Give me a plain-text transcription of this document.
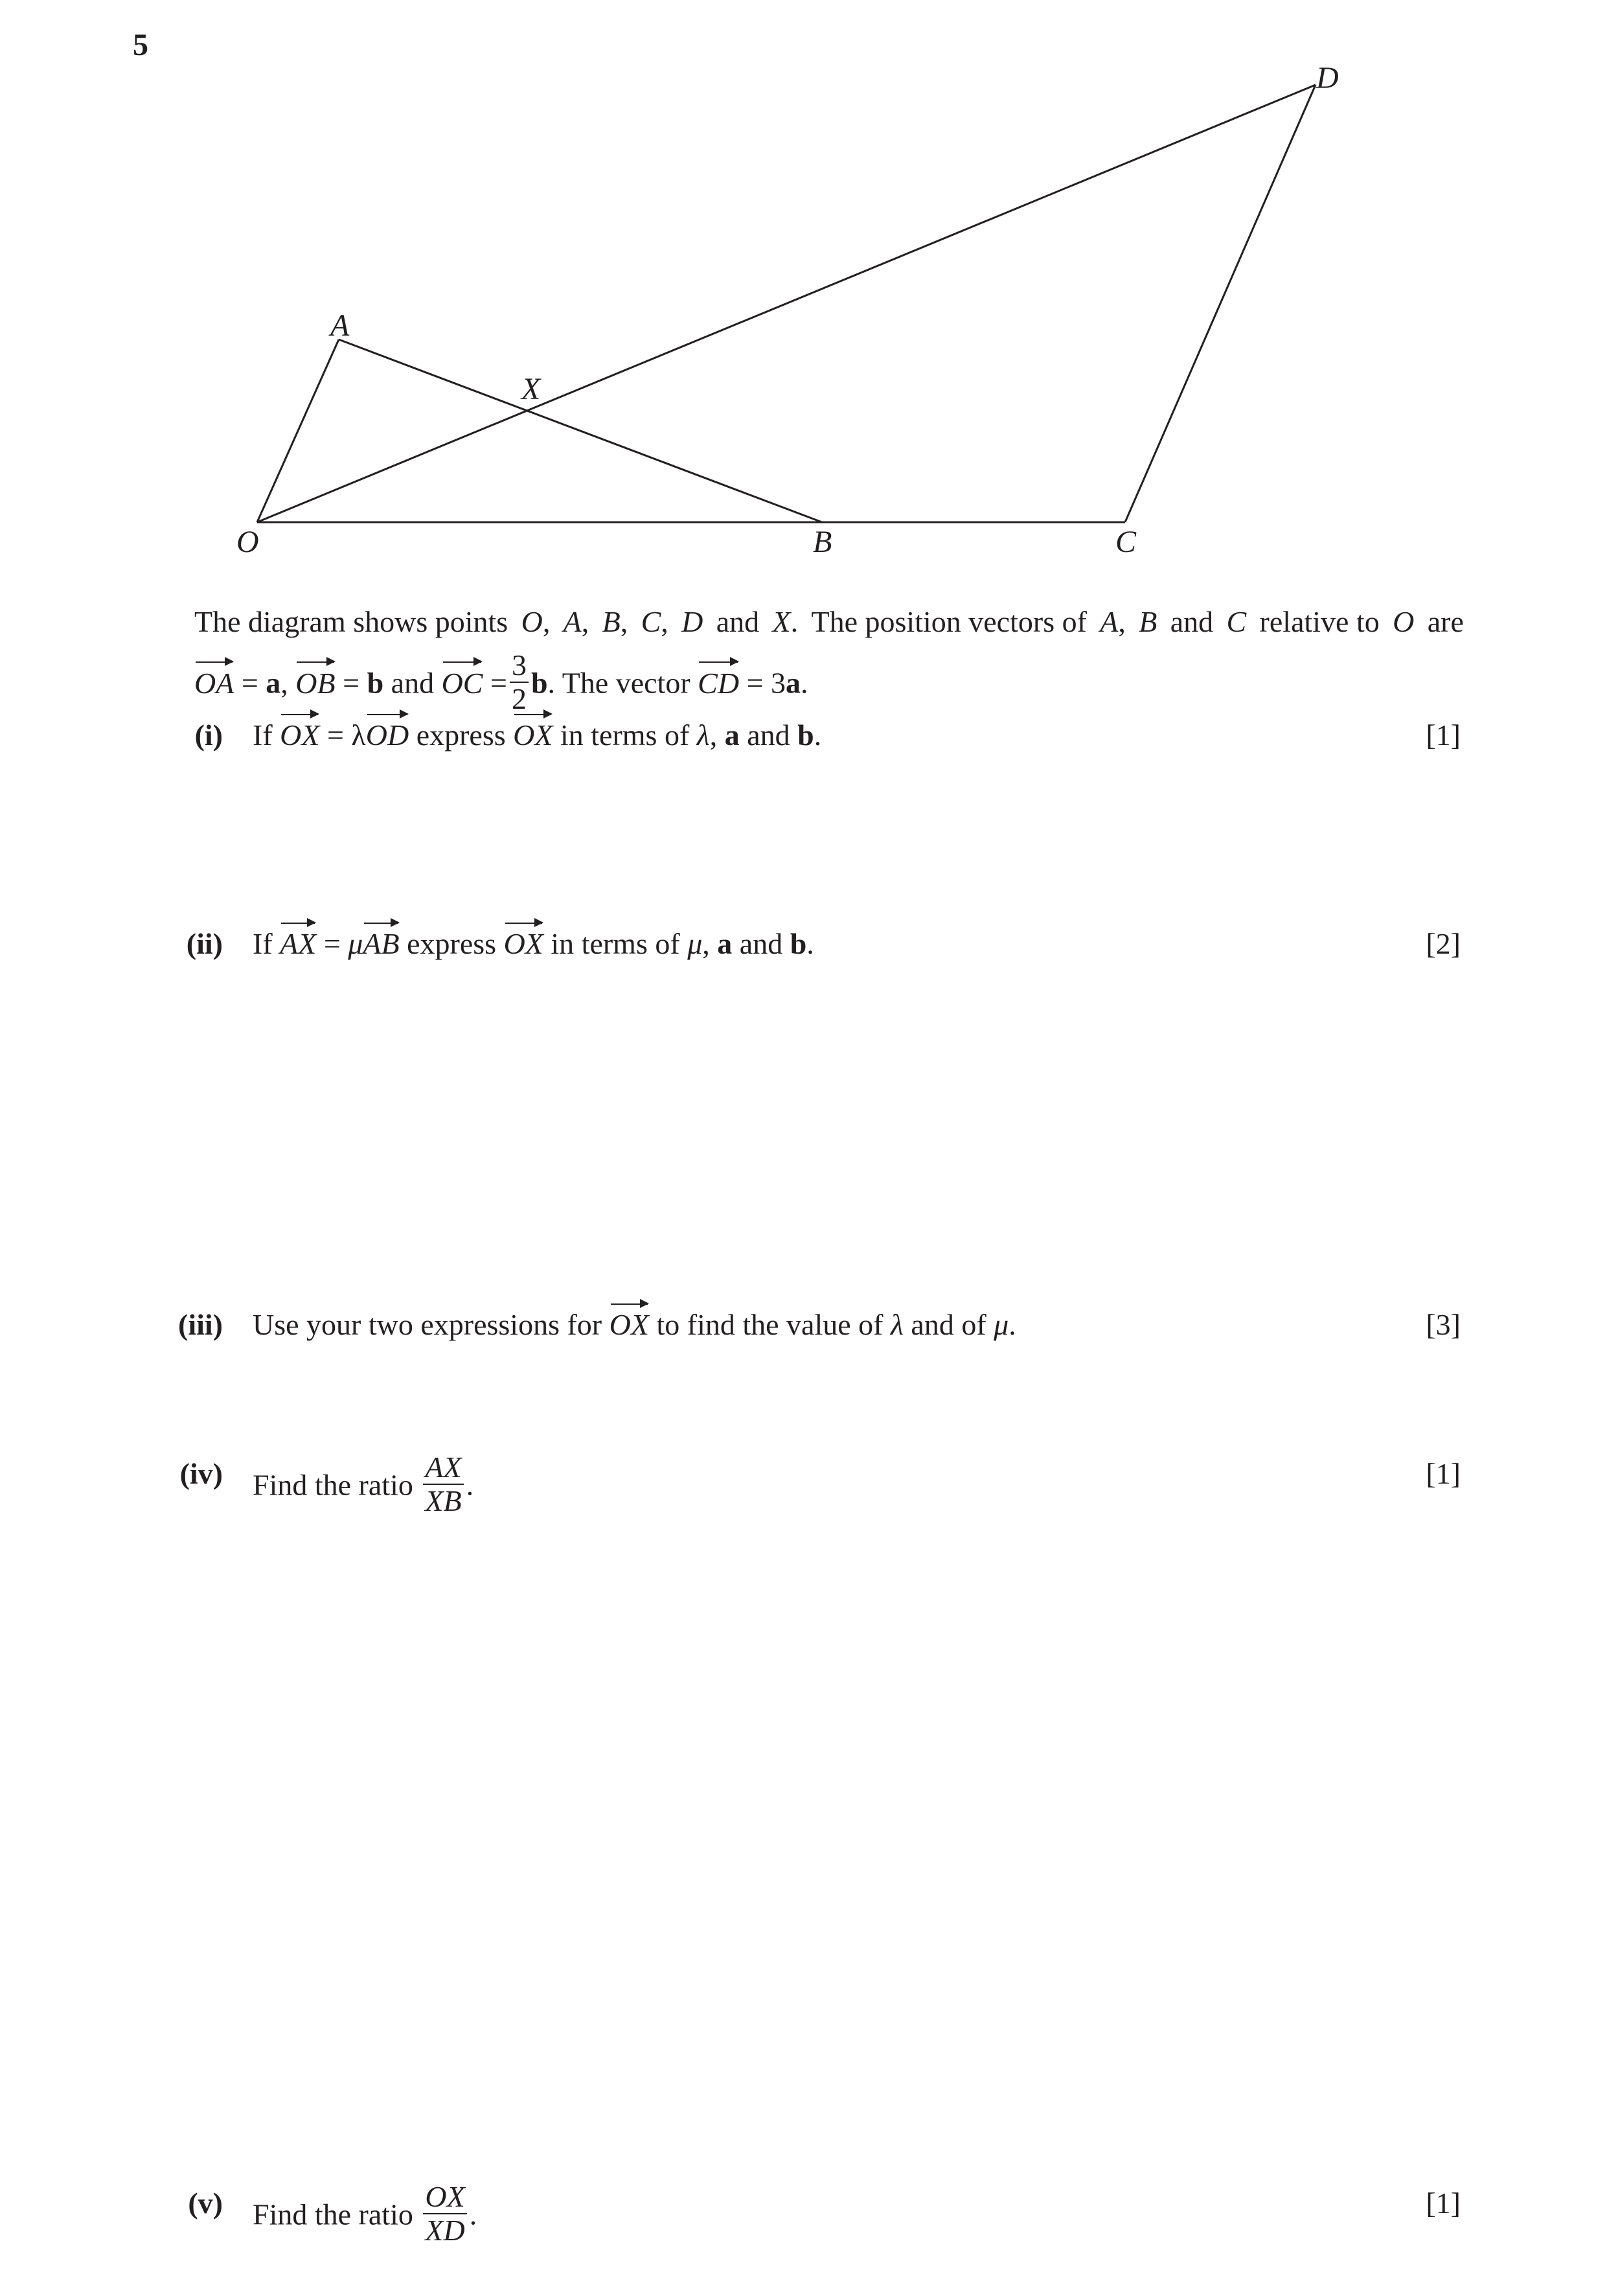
5
A
X
O	B	C
D
The diagram shows points O, A, B, C, D and X. The position vectors of A, B and C relative to O are
OA = a, OB = b and OC = $\frac{3}{2} b$. The vector CD = 3a.
(i) If OX = λOD express OX in terms of λ, a and b.	[1]
(ii) If AX = μAB express OX in terms of μ, a and b.	[2]
(iii) Use your two expressions for OX to find the value of λ and of μ.	[3]
(iv) Find the ratio $\frac{AX}{XB}$ .	[1]
(v) Find the ratio $\frac{OX}{XD}$ .	[1]
